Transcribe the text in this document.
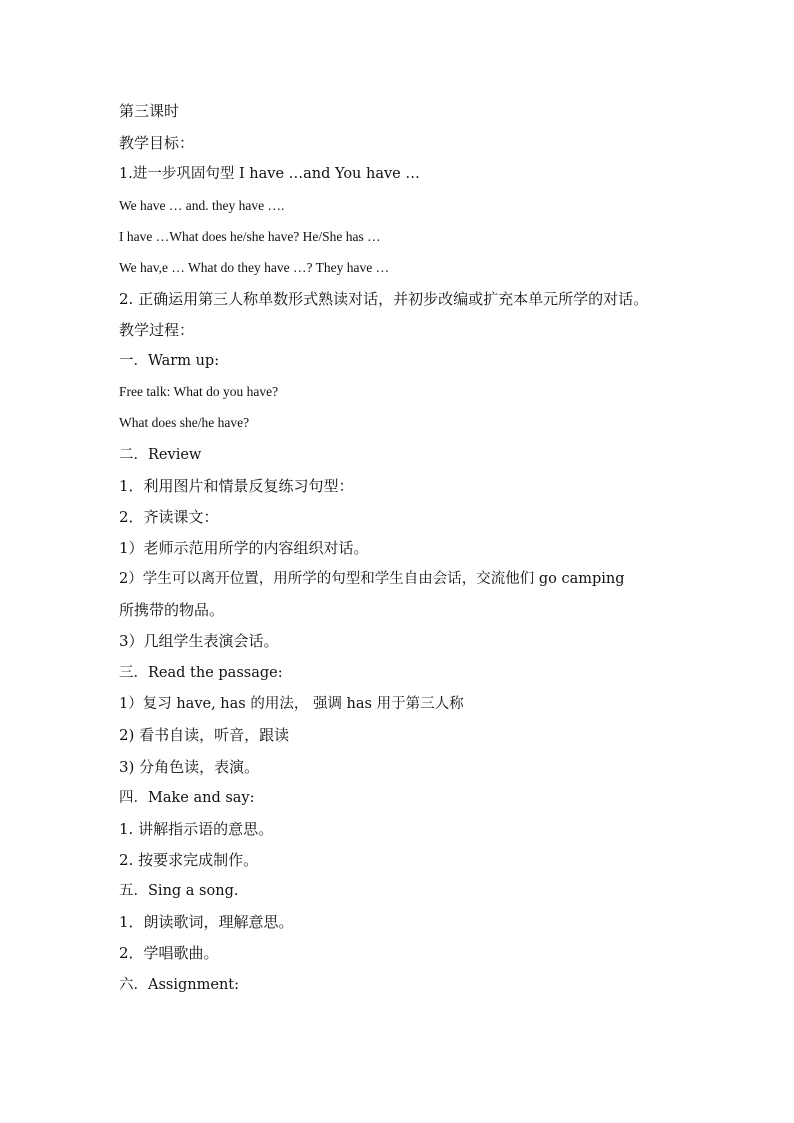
第三课时
教学目标：
1.进一步巩固句型 I have …and You have …
We have … and. they have ….
I have …What does he/she have? He/She has …
We hav,e … What do they have …? They have …
2. 正确运用第三人称单数形式熟读对话，并初步改编或扩充本单元所学的对话。
教学过程：
一．Warm up:
Free talk: What do you have?
What does she/he have?
二．Review
1．利用图片和情景反复练习句型：
2．齐读课文：
1）老师示范用所学的内容组织对话。
2）学生可以离开位置，用所学的句型和学生自由会话，交流他们 go camping
所携带的物品。
3）几组学生表演会话。
三．Read the passage:
1）复习 have, has 的用法， 强调 has 用于第三人称
2) 看书自读，听音，跟读
3) 分角色读，表演。
四．Make and say:
1. 讲解指示语的意思。
2. 按要求完成制作。
五．Sing a song.
1．朗读歌词，理解意思。
2．学唱歌曲。
六．Assignment:
